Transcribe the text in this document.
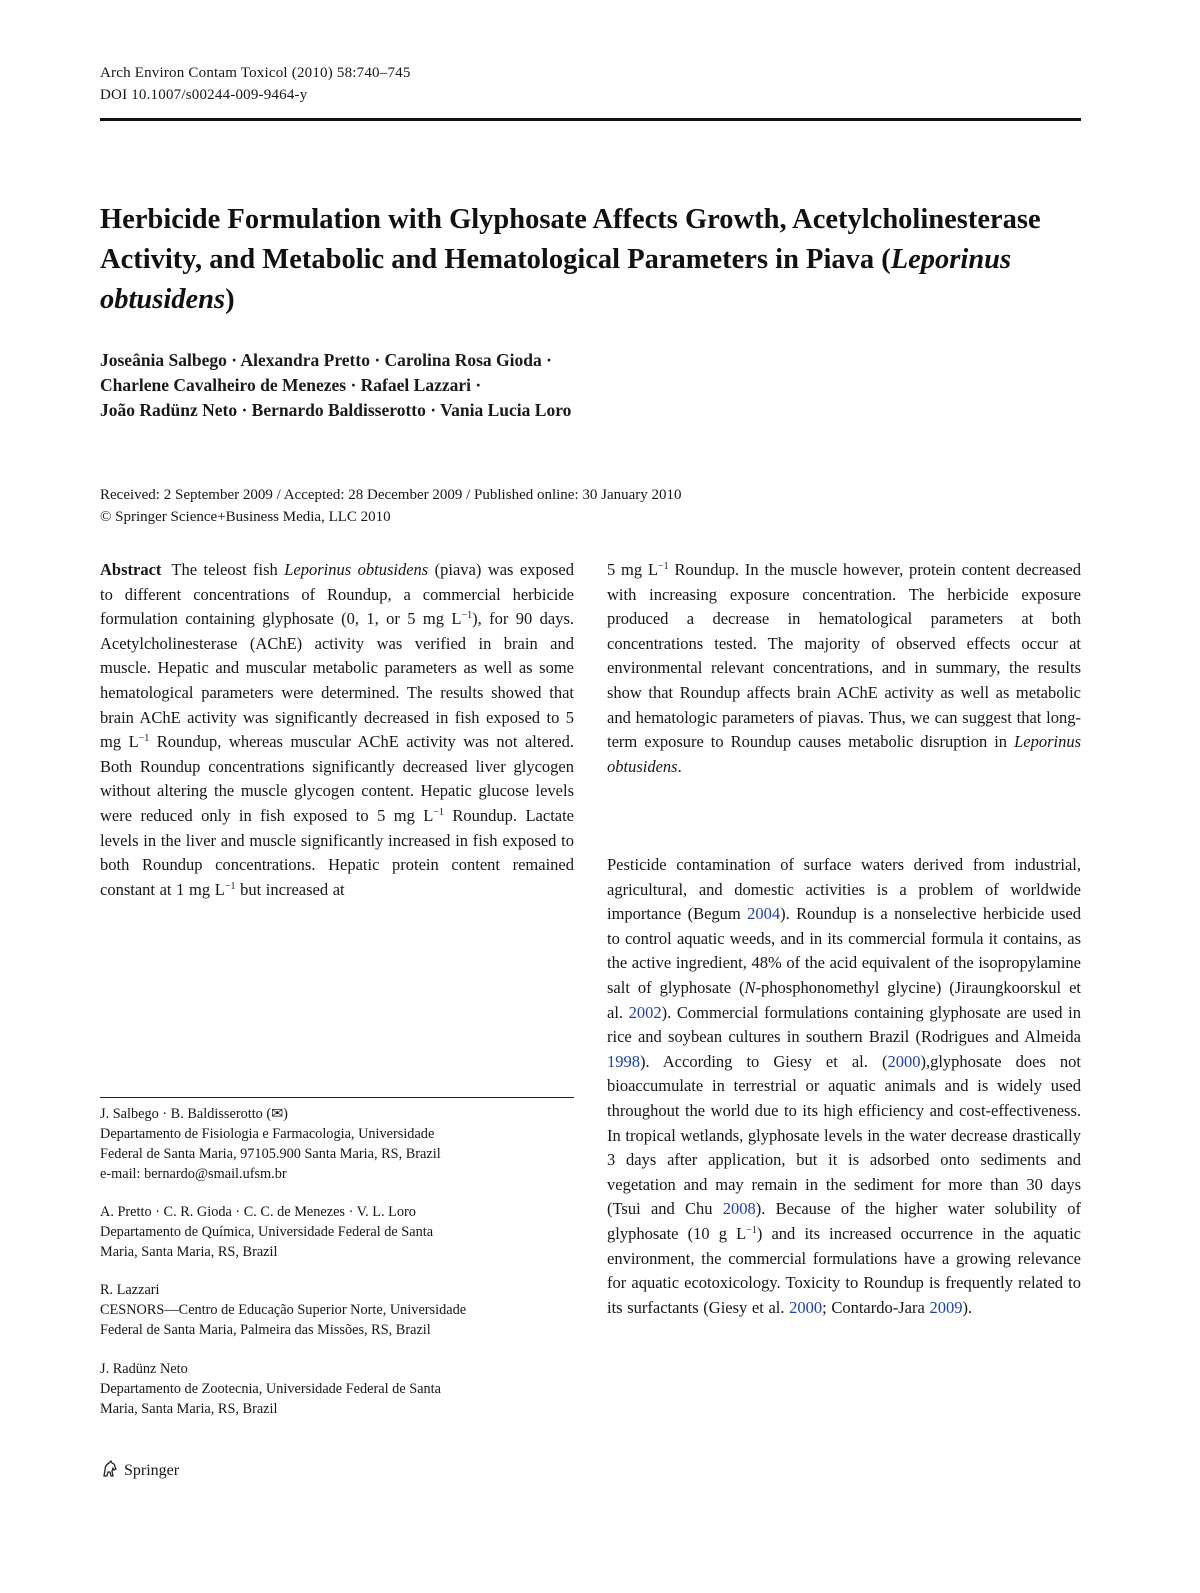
Arch Environ Contam Toxicol (2010) 58:740–745
DOI 10.1007/s00244-009-9464-y
Herbicide Formulation with Glyphosate Affects Growth, Acetylcholinesterase Activity, and Metabolic and Hematological Parameters in Piava (Leporinus obtusidens)
Joseânia Salbego · Alexandra Pretto · Carolina Rosa Gioda ·
Charlene Cavalheiro de Menezes · Rafael Lazzari ·
João Radünz Neto · Bernardo Baldisserotto · Vania Lucia Loro
Received: 2 September 2009 / Accepted: 28 December 2009 / Published online: 30 January 2010
© Springer Science+Business Media, LLC 2010
Abstract The teleost fish Leporinus obtusidens (piava) was exposed to different concentrations of Roundup, a commercial herbicide formulation containing glyphosate (0, 1, or 5 mg $L^{-1}$), for 90 days. Acetylcholinesterase (AChE) activity was verified in brain and muscle. Hepatic and muscular metabolic parameters as well as some hematological parameters were determined. The results showed that brain AChE activity was significantly decreased in fish exposed to 5 mg $L^{-1}$ Roundup, whereas muscular AChE activity was not altered. Both Roundup concentrations significantly decreased liver glycogen without altering the muscle glycogen content. Hepatic glucose levels were reduced only in fish exposed to 5 mg $L^{-1}$ Roundup. Lactate levels in the liver and muscle significantly increased in fish exposed to both Roundup concentrations. Hepatic protein content remained constant at 1 mg $L^{-1}$ but increased at
5 mg $L^{-1}$ Roundup. In the muscle however, protein content decreased with increasing exposure concentration. The herbicide exposure produced a decrease in hematological parameters at both concentrations tested. The majority of observed effects occur at environmental relevant concentrations, and in summary, the results show that Roundup affects brain AChE activity as well as metabolic and hematologic parameters of piavas. Thus, we can suggest that long-term exposure to Roundup causes metabolic disruption in Leporinus obtusidens.
Pesticide contamination of surface waters derived from industrial, agricultural, and domestic activities is a problem of worldwide importance (Begum 2004). Roundup is a nonselective herbicide used to control aquatic weeds, and in its commercial formula it contains, as the active ingredient, 48% of the acid equivalent of the isopropylamine salt of glyphosate (N-phosphonomethyl glycine) (Jiraungkoorskul et al. 2002). Commercial formulations containing glyphosate are used in rice and soybean cultures in southern Brazil (Rodrigues and Almeida 1998). According to Giesy et al. (2000),glyphosate does not bioaccumulate in terrestrial or aquatic animals and is widely used throughout the world due to its high efficiency and cost-effectiveness. In tropical wetlands, glyphosate levels in the water decrease drastically 3 days after application, but it is adsorbed onto sediments and vegetation and may remain in the sediment for more than 30 days (Tsui and Chu 2008). Because of the higher water solubility of glyphosate (10 g $L^{-1}$) and its increased occurrence in the aquatic environment, the commercial formulations have a growing relevance for aquatic ecotoxicology. Toxicity to Roundup is frequently related to its surfactants (Giesy et al. 2000; Contardo-Jara 2009).
J. Salbego · B. Baldisserotto (✉)
Departamento de Fisiologia e Farmacologia, Universidade
Federal de Santa Maria, 97105.900 Santa Maria, RS, Brazil
e-mail: bernardo@smail.ufsm.br
A. Pretto · C. R. Gioda · C. C. de Menezes · V. L. Loro
Departamento de Química, Universidade Federal de Santa
Maria, Santa Maria, RS, Brazil
R. Lazzari
CESNORS—Centro de Educação Superior Norte, Universidade
Federal de Santa Maria, Palmeira das Missões, RS, Brazil
J. Radünz Neto
Departamento de Zootecnia, Universidade Federal de Santa
Maria, Santa Maria, RS, Brazil
Springer
